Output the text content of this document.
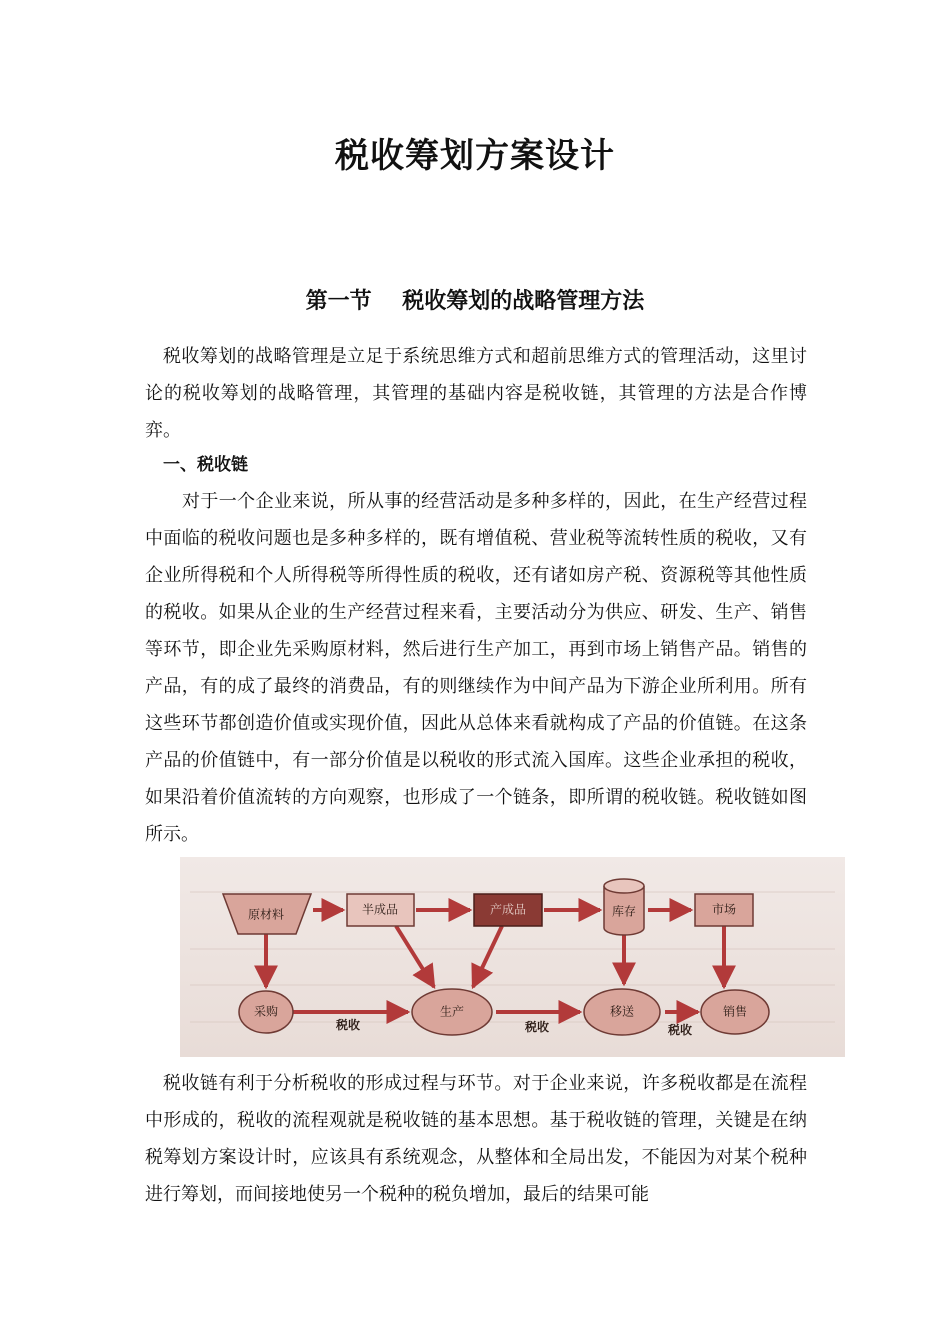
税收筹划方案设计
第一节    税收筹划的战略管理方法

税收筹划的战略管理是立足于系统思维方式和超前思维方式的管理活动，这里讨论的税收筹划的战略管理，其管理的基础内容是税收链，其管理的方法是合作博弈。

一、税收链

对于一个企业来说，所从事的经营活动是多种多样的，因此，在生产经营过程中面临的税收问题也是多种多样的，既有增值税、营业税等流转性质的税收，又有企业所得税和个人所得税等所得性质的税收，还有诸如房产税、资源税等其他性质的税收。如果从企业的生产经营过程来看，主要活动分为供应、研发、生产、销售等环节，即企业先采购原材料，然后进行生产加工，再到市场上销售产品。销售的产品，有的成了最终的消费品，有的则继续作为中间产品为下游企业所利用。所有这些环节都创造价值或实现价值，因此从总体来看就构成了产品的价值链。在这条产品的价值链中，有一部分价值是以税收的形式流入国库。这些企业承担的税收，如果沿着价值流转的方向观察，也形成了一个链条，即所谓的税收链。税收链如图所示。

原材料	半成品	产成品	库存	市场
采购	生产	移送	销售
税收	税收	税收

税收链有利于分析税收的形成过程与环节。对于企业来说，许多税收都是在流程中形成的，税收的流程观就是税收链的基本思想。基于税收链的管理，关键是在纳税筹划方案设计时，应该具有系统观念，从整体和全局出发，不能因为对某个税种进行筹划，而间接地使另一个税种的税负增加，最后的结果可能
